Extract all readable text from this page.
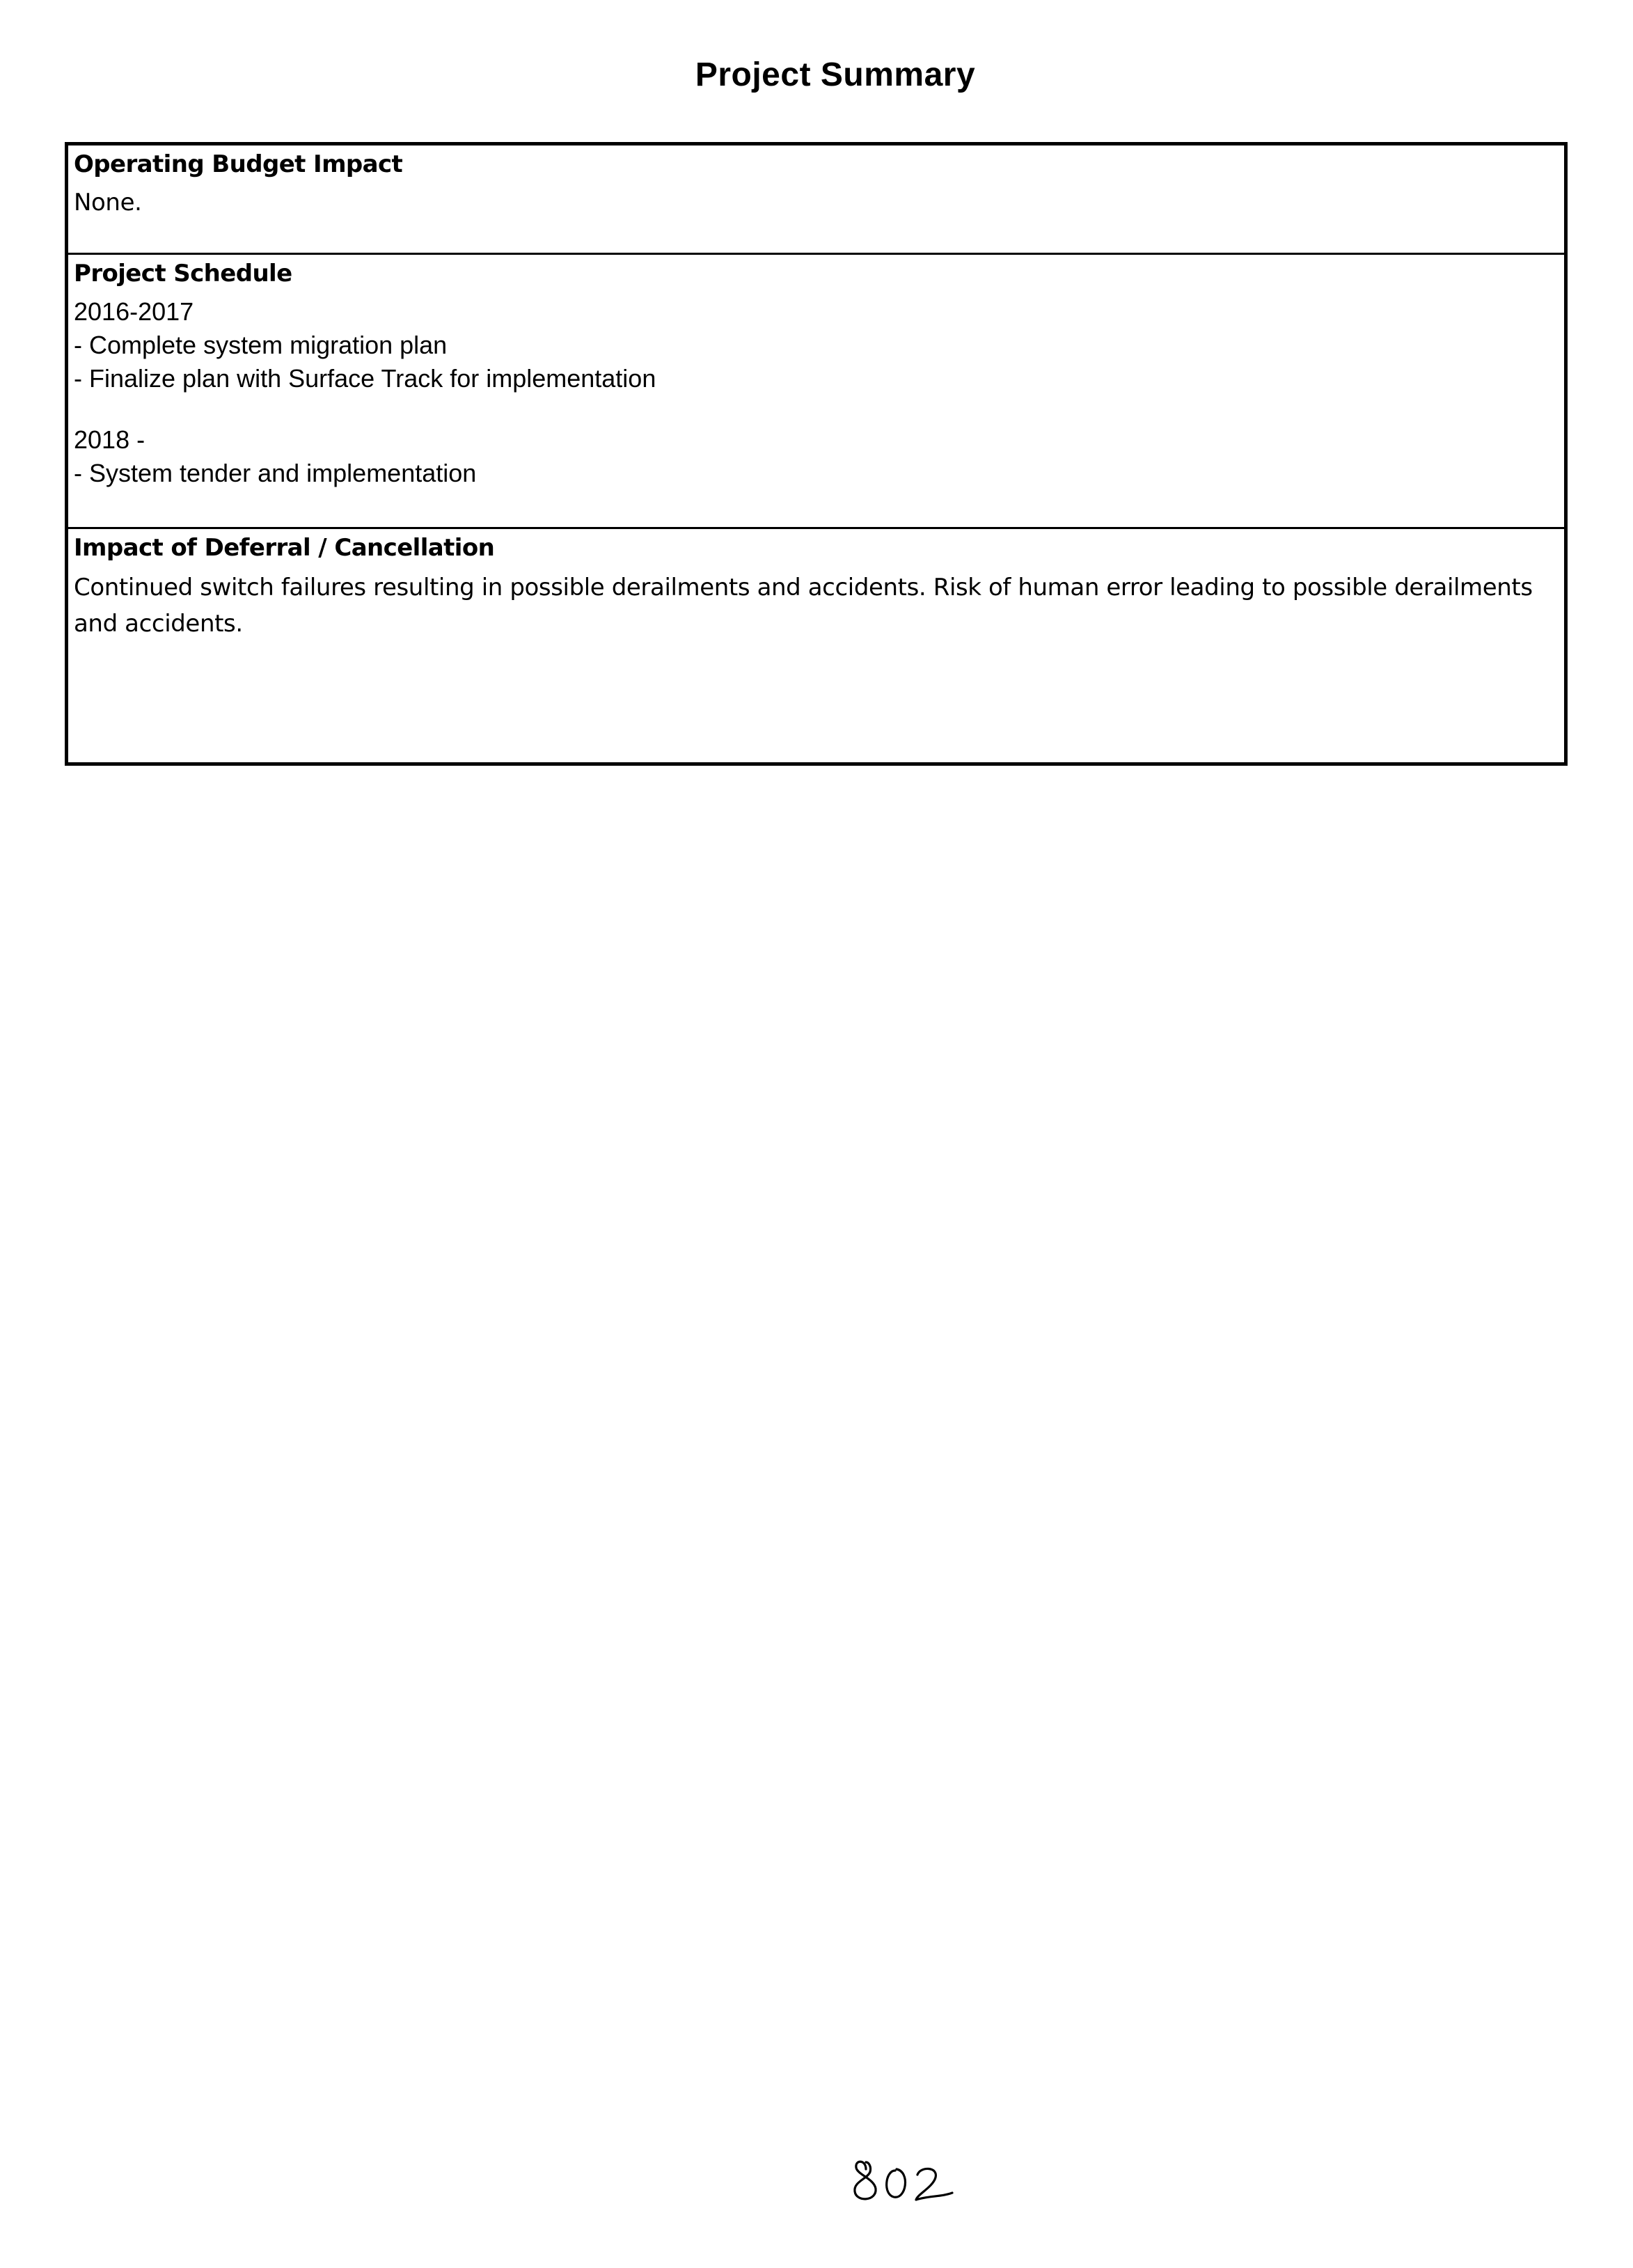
Project Summary
Operating Budget Impact
None.
Project Schedule
2016-2017
- Complete system migration plan
- Finalize plan with Surface Track for implementation
2018 -
- System tender and implementation
Impact of Deferral / Cancellation
Continued switch failures resulting in possible derailments and accidents. Risk of human error leading to possible derailments and accidents.
